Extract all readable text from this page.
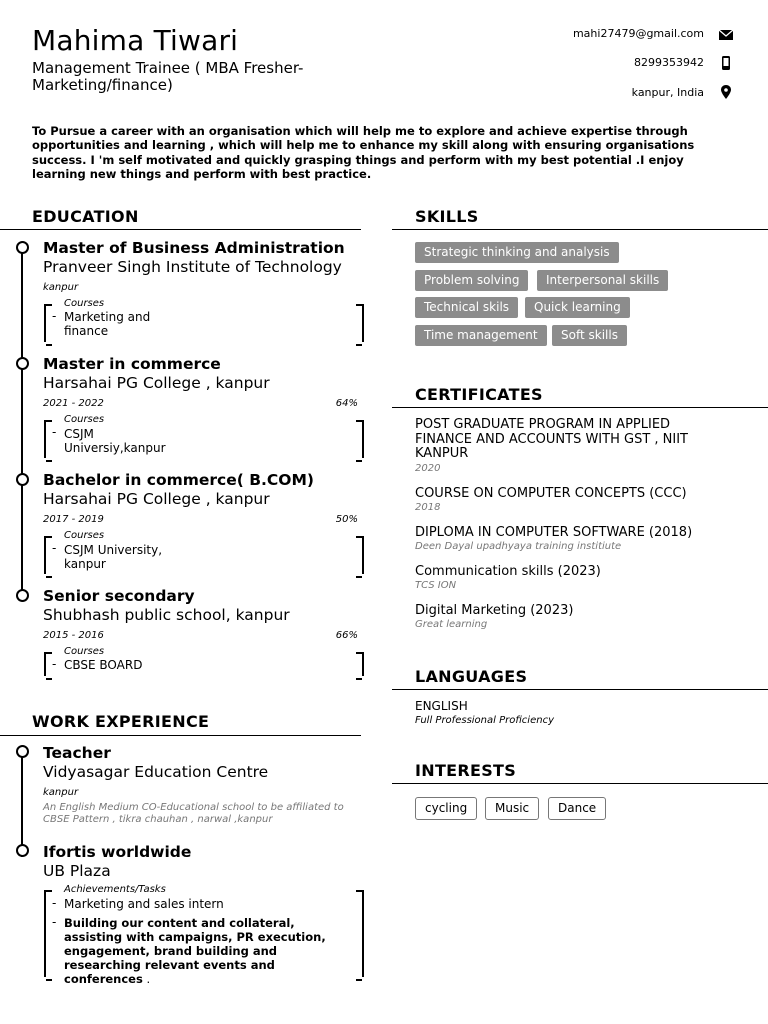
Mahima Tiwari
Management Trainee ( MBA Fresher-Marketing/finance)
mahi27479@gmail.com
8299353942
kanpur, India
To Pursue a career with an organisation which will help me to explore and achieve expertise through opportunities and learning , which will help me to enhance my skill along with ensuring organisations success. I 'm self motivated and quickly grasping things and perform with my best potential .I enjoy learning new things and perform with best practice.
EDUCATION
Master of Business Administration
Pranveer Singh Institute of Technology
kanpur
Courses
- Marketing and finance
Master in commerce
Harsahai PG College , kanpur
2021 - 2022	64%
Courses
- CSJM Universiy,kanpur
Bachelor in commerce( B.COM)
Harsahai PG College , kanpur
2017 - 2019	50%
Courses
- CSJM University, kanpur
Senior secondary
Shubhash public school, kanpur
2015 - 2016	66%
Courses
- CBSE BOARD
WORK EXPERIENCE
Teacher
Vidyasagar Education Centre
kanpur
An English Medium CO-Educational school to be affiliated to CBSE Pattern , tikra chauhan , narwal ,kanpur
Ifortis worldwide
UB Plaza
Achievements/Tasks
- Marketing and sales intern
- Building our content and collateral, assisting with campaigns, PR execution, engagement, brand building and researching relevant events and conferences .
SKILLS
Strategic thinking and analysis
Problem solving	Interpersonal skills
Technical skils	Quick learning
Time management	Soft skills
CERTIFICATES
POST GRADUATE PROGRAM IN APPLIED FINANCE AND ACCOUNTS WITH GST , NIIT KANPUR
2020
COURSE ON COMPUTER CONCEPTS (CCC)
2018
DIPLOMA IN COMPUTER SOFTWARE (2018)
Deen Dayal upadhyaya training institiute
Communication skills (2023)
TCS ION
Digital Marketing (2023)
Great learning
LANGUAGES
ENGLISH
Full Professional Proficiency
INTERESTS
cycling	Music	Dance
